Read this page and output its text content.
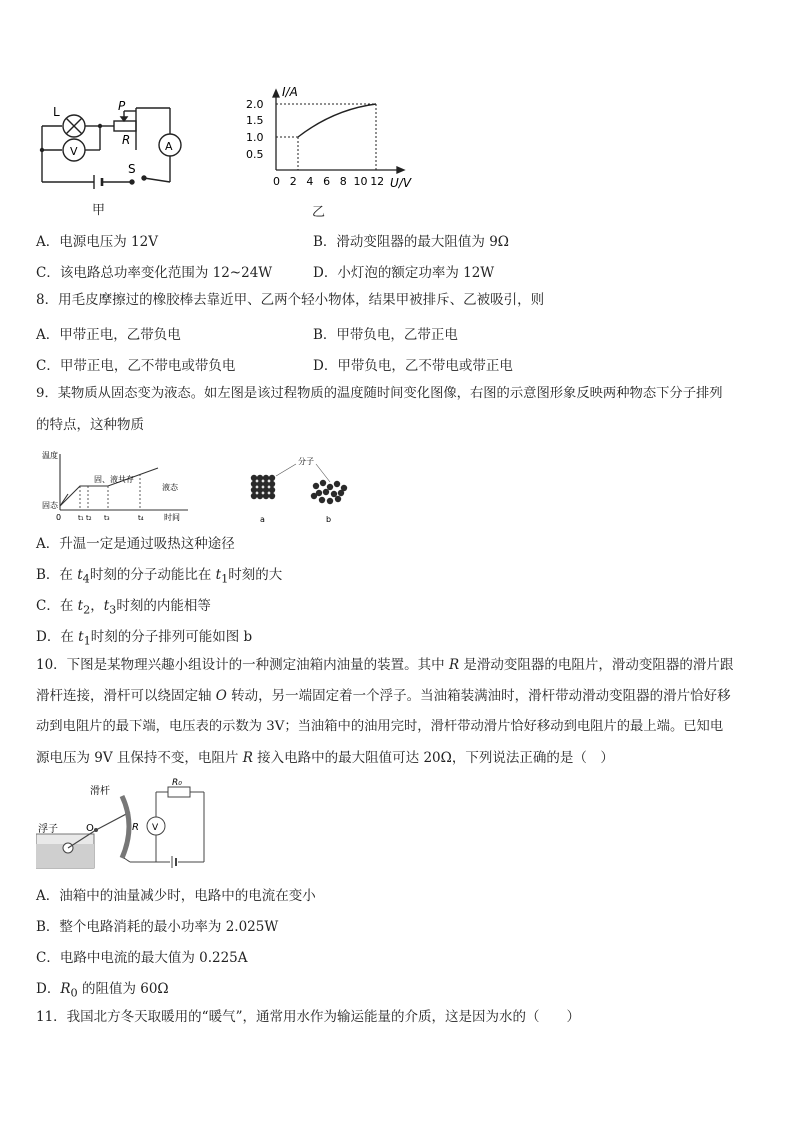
L
V	A
P
R
S
甲
I/A
U/V
2.0
1.5
1.0
0.5
0 2 4 6 8 10 12
乙
A．电源电压为 12V	B．滑动变阻器的最大阻值为 9Ω
C．该电路总功率变化范围为 12~24W	D．小灯泡的额定功率为 12W
8．用毛皮摩擦过的橡胶棒去靠近甲、乙两个轻小物体，结果甲被排斥、乙被吸引，则
A．甲带正电，乙带负电	B．甲带负电，乙带正电
C．甲带正电，乙不带电或带负电	D．甲带负电，乙不带电或带正电
9．某物质从固态变为液态。如左图是该过程物质的温度随时间变化图像，右图的示意图形象反映两种物态下分子排列
的特点，这种物质
温度
固态
固、液共存
液态
时间
0 t₁ t₂ t₃	t₄
分子
a	b
A．升温一定是通过吸热这种途径
B．在 $t_4$时刻的分子动能比在 $t_1$时刻的大
C．在 $t_2$，$t_3$时刻的内能相等
D．在 $t_1$时刻的分子排列可能如图 b
10．下图是某物理兴趣小组设计的一种测定油箱内油量的装置。其中 R 是滑动变阻器的电阻片，滑动变阻器的滑片跟
滑杆连接，滑杆可以绕固定轴 O 转动，另一端固定着一个浮子。当油箱装满油时，滑杆带动滑动变阻器的滑片恰好移
动到电阻片的最下端，电压表的示数为 3V；当油箱中的油用完时，滑杆带动滑片恰好移动到电阻片的最上端。已知电
源电压为 9V 且保持不变，电阻片 R 接入电路中的最大阻值可达 20Ω，下列说法正确的是（　）
浮子
滑杆
O	R V
R₀
A．油箱中的油量减少时，电路中的电流在变小
B．整个电路消耗的最小功率为 2.025W
C．电路中电流的最大值为 0.225A
D．$R_0$ 的阻值为 60Ω
11．我国北方冬天取暖用的“暖气”，通常用水作为输运能量的介质，这是因为水的（　　）
